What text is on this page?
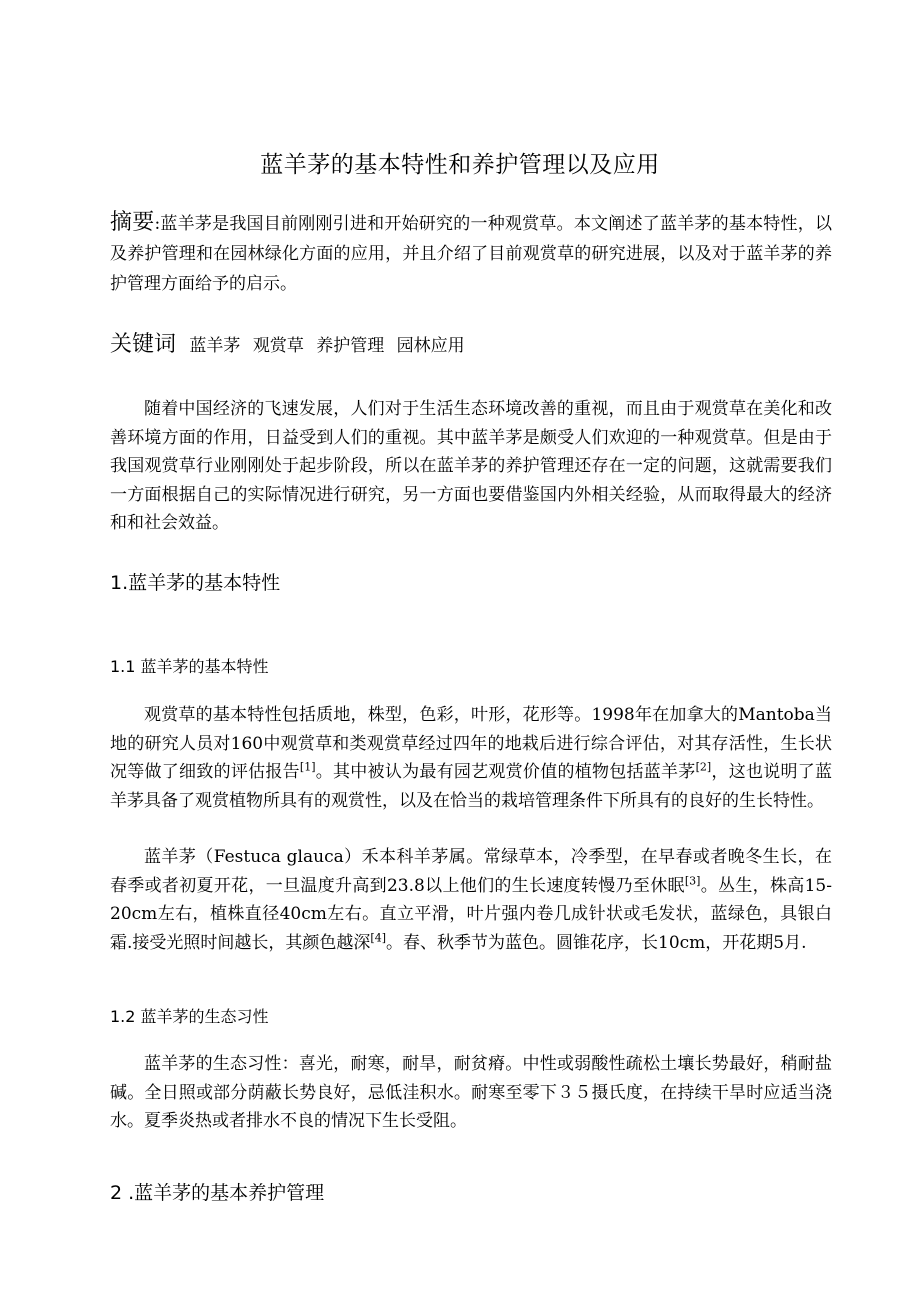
蓝羊茅的基本特性和养护管理以及应用
摘要:蓝羊茅是我国目前刚刚引进和开始研究的一种观赏草。本文阐述了蓝羊茅的基本特性，以及养护管理和在园林绿化方面的应用，并且介绍了目前观赏草的研究进展，以及对于蓝羊茅的养护管理方面给予的启示。
关键词 蓝羊茅 观赏草 养护管理 园林应用

随着中国经济的飞速发展，人们对于生活生态环境改善的重视，而且由于观赏草在美化和改善环境方面的作用，日益受到人们的重视。其中蓝羊茅是颇受人们欢迎的一种观赏草。但是由于我国观赏草行业刚刚处于起步阶段，所以在蓝羊茅的养护管理还存在一定的问题，这就需要我们一方面根据自己的实际情况进行研究，另一方面也要借鉴国内外相关经验，从而取得最大的经济和和社会效益。

1.蓝羊茅的基本特性
1.1 蓝羊茅的基本特性

观赏草的基本特性包括质地，株型，色彩，叶形，花形等。1998年在加拿大的Mantoba当地的研究人员对160中观赏草和类观赏草经过四年的地栽后进行综合评估，对其存活性，生长状况等做了细致的评估报告[1]。其中被认为最有园艺观赏价值的植物包括蓝羊茅[2]，这也说明了蓝羊茅具备了观赏植物所具有的观赏性，以及在恰当的栽培管理条件下所具有的良好的生长特性。

蓝羊茅（Festuca glauca）禾本科羊茅属。常绿草本，冷季型，在早春或者晚冬生长，在春季或者初夏开花，一旦温度升高到23.8以上他们的生长速度转慢乃至休眠[3]。丛生，株高15-20cm左右，植株直径40cm左右。直立平滑，叶片强内卷几成针状或毛发状，蓝绿色，具银白霜.接受光照时间越长，其颜色越深[4]。春、秋季节为蓝色。圆锥花序，长10cm，开花期5月.

1.2 蓝羊茅的生态习性

蓝羊茅的生态习性：喜光，耐寒，耐旱，耐贫瘠。中性或弱酸性疏松土壤长势最好，稍耐盐碱。全日照或部分荫蔽长势良好，忌低洼积水。耐寒至零下３５摄氏度，在持续干旱时应适当浇水。夏季炎热或者排水不良的情况下生长受阻。

2 .蓝羊茅的基本养护管理
